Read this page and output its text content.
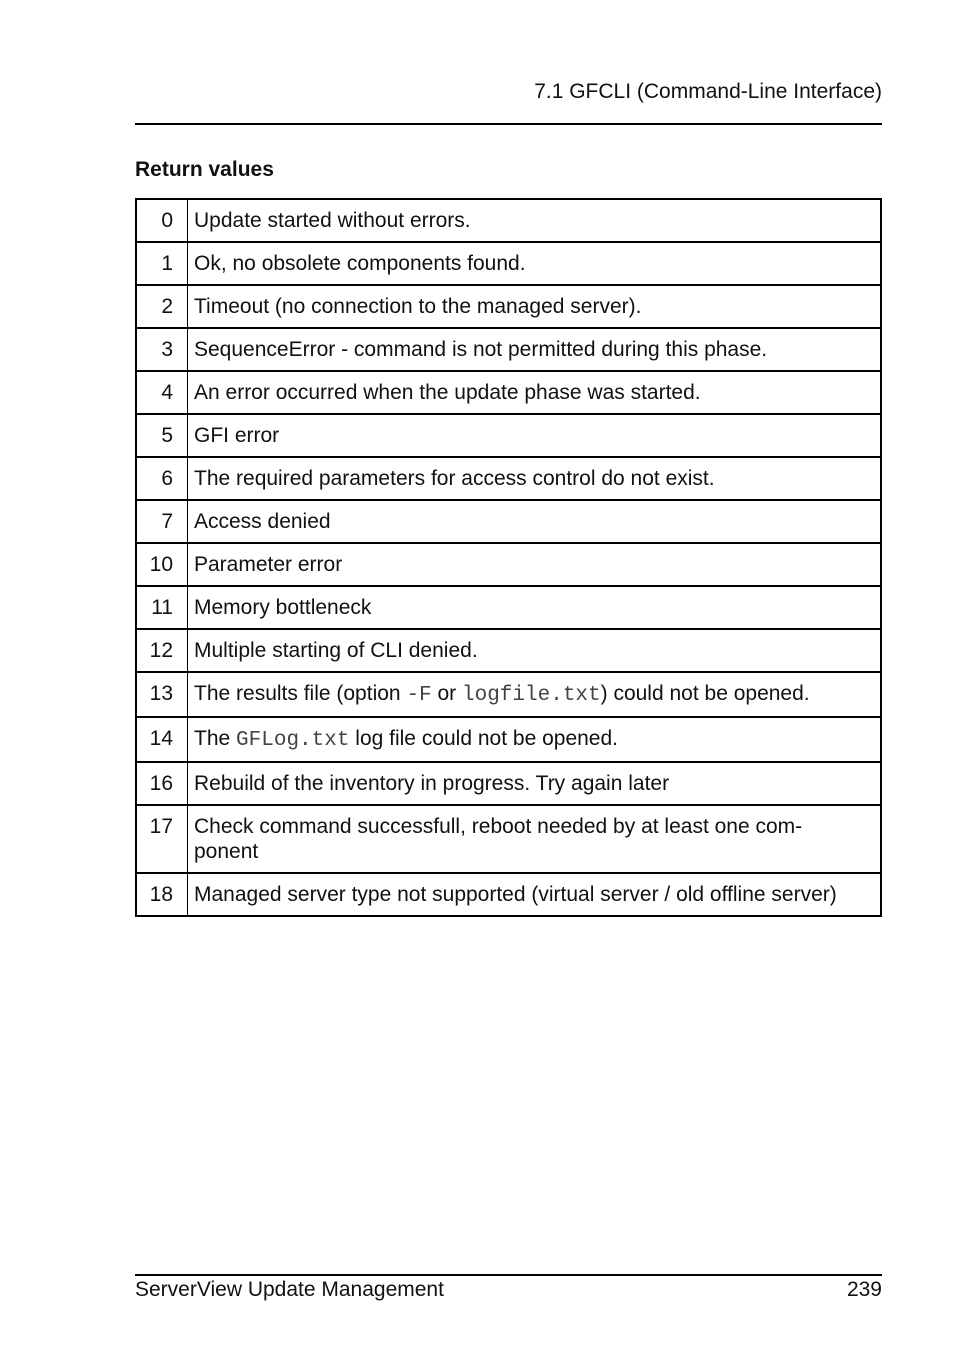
7.1 GFCLI (Command-Line Interface)
Return values
0	Update started without errors.
1	Ok, no obsolete components found.
2	Timeout (no connection to the managed server).
3	SequenceError - command is not permitted during this phase.
4	An error occurred when the update phase was started.
5	GFI error
6	The required parameters for access control do not exist.
7	Access denied
10	Parameter error
11	Memory bottleneck
12	Multiple starting of CLI denied.
13	The results file (option -F or logfile.txt) could not be opened.
14	The GFLog.txt log file could not be opened.
16	Rebuild of the inventory in progress. Try again later
17	Check command successfull, reboot needed by at least one com-
ponent
18	Managed server type not supported (virtual server / old offline server)
ServerView Update Management	239
